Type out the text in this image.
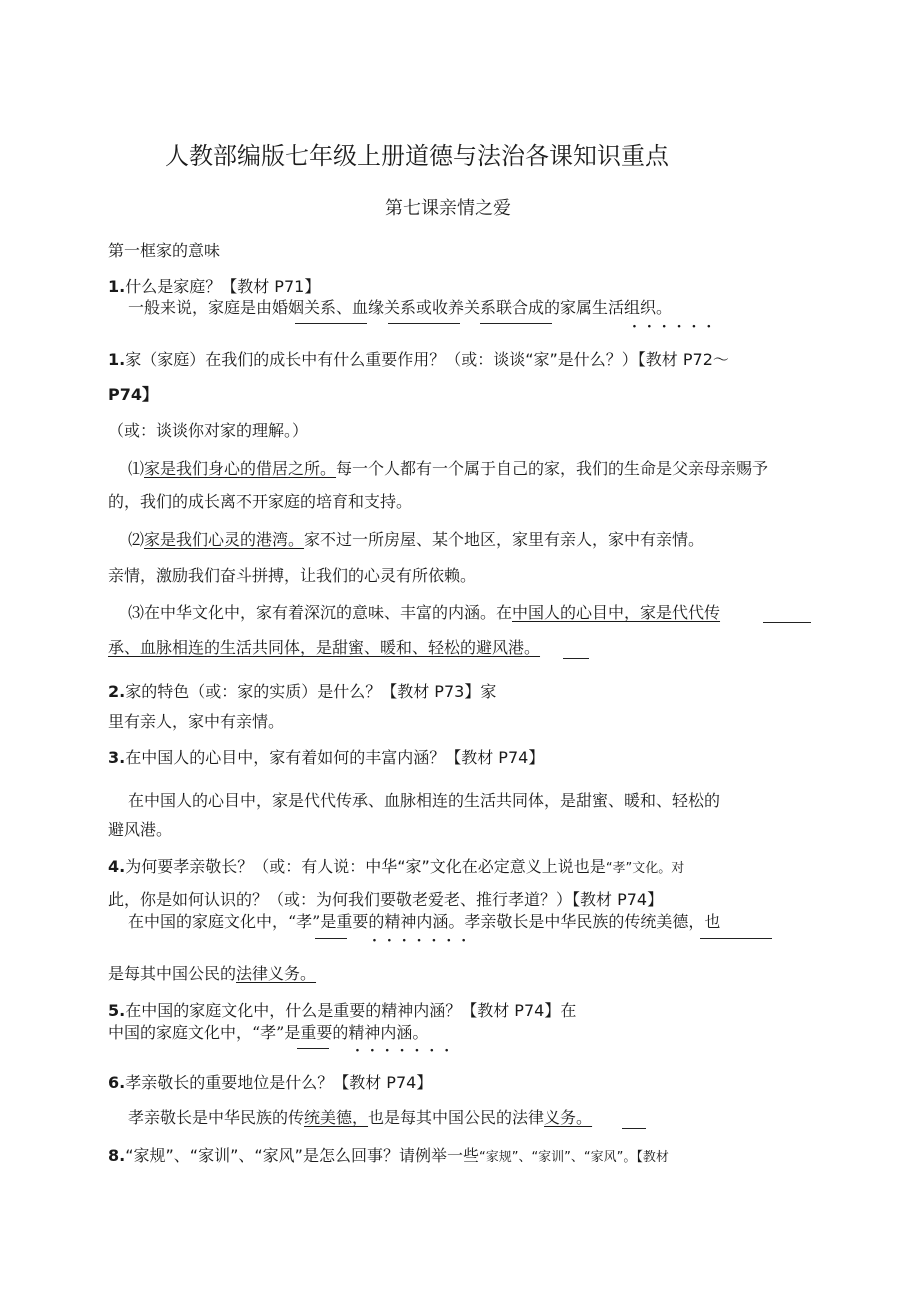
人教部编版七年级上册道德与法治各课知识重点
第七课亲情之爱
第一框家的意味
1.什么是家庭？【教材 P71】
一般来说，家庭是由婚姻关系、血缘关系或收养关系联合成的家属生活组织。
······
1.家（家庭）在我们的成长中有什么重要作用？（或：谈谈“家”是什么？）【教材 P72～
P74】
（或：谈谈你对家的理解。）
⑴家是我们身心的借居之所。每一个人都有一个属于自己的家，我们的生命是父亲母亲赐予
的，我们的成长离不开家庭的培育和支持。
⑵家是我们心灵的港湾。家不过一所房屋、某个地区，家里有亲人，家中有亲情。
亲情，激励我们奋斗拼搏，让我们的心灵有所依赖。
⑶在中华文化中，家有着深沉的意味、丰富的内涵。在中国人的心目中，家是代代传
承、血脉相连的生活共同体，是甜蜜、暖和、轻松的避风港。
2.家的特色（或：家的实质）是什么？【教材 P73】家
里有亲人，家中有亲情。
3.在中国人的心目中，家有着如何的丰富内涵？【教材 P74】
在中国人的心目中，家是代代传承、血脉相连的生活共同体，是甜蜜、暖和、轻松的
避风港。
4.为何要孝亲敬长？（或：有人说：中华“家”文化在必定意义上说也是“孝”文化。对
此，你是如何认识的？（或：为何我们要敬老爱老、推行孝道？）【教材 P74】
在中国的家庭文化中，“孝”是重要的精神内涵。孝亲敬长是中华民族的传统美德，也
·······
是每其中国公民的法律义务。
5.在中国的家庭文化中，什么是重要的精神内涵？【教材 P74】在
中国的家庭文化中，“孝”是重要的精神内涵。
·······
6.孝亲敬长的重要地位是什么？【教材 P74】
孝亲敬长是中华民族的传统美德，也是每其中国公民的法律义务。
8.“家规”、“家训”、“家风”是怎么回事？请例举一些“家规”、“家训”、“家风”。【教材
